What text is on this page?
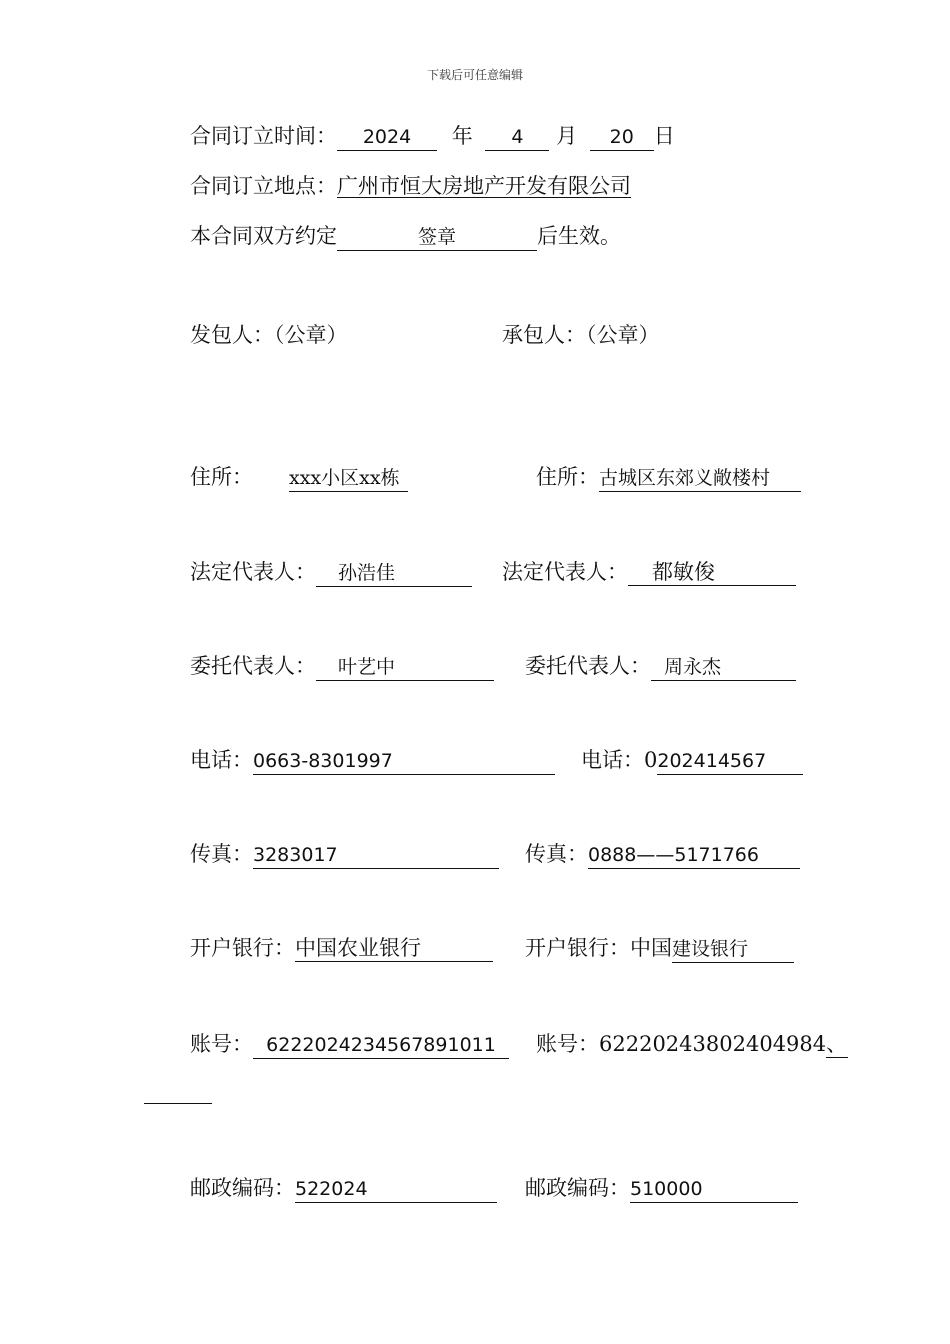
下载后可任意编辑
合同订立时间： 2024 年 4 月 20 日
合同订立地点：广州市恒大房地产开发有限公司
本合同双方约定	签章	后生效。
发包人：（公章）	承包人：（公章）
住所： xxx小区xx栋	住所：古城区东郊义敞楼村
法定代表人： 孙浩佳	法定代表人： 都敏俊
委托代表人： 叶艺中	委托代表人： 周永杰
电话：0663-8301997	电话：0202414567
传真：3283017	传真：0888——5171766
开户银行：中国农业银行	开户银行：中国建设银行
账号： 6222024234567891011	账号：62220243802404984、
邮政编码：522024	邮政编码：510000
